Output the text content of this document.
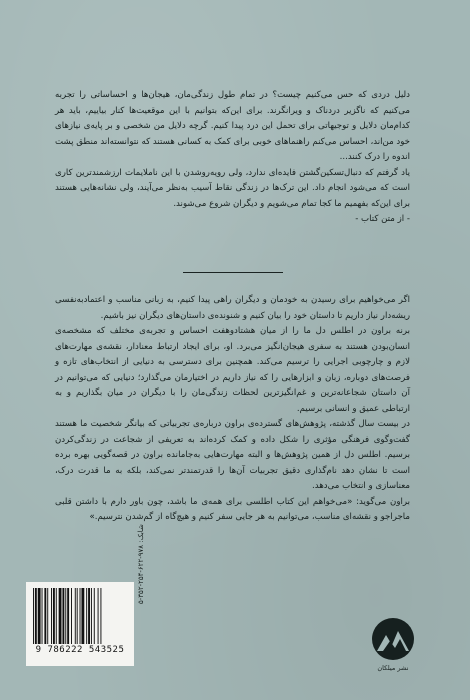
دلیل دردی که حس می‌کنیم چیست؟ در تمام طول زندگی‌مان، هیجان‌ها و احساساتی را تجربه می‌کنیم که ناگزیر دردناک و ویرانگرند. برای این‌که بتوانیم با این موقعیت‌ها کنار بیاییم، باید هر کدام‌مان دلایل و توجیهاتی برای تحمل این درد پیدا کنیم. گرچه دلایل من شخصی و بر پایه‌ی نیازهای خود من‌اند، احساس می‌کنم راهنماهای خوبی برای کمک به کسانی هستند که نتوانسته‌اند منطق پشت اندوه را درک کنند...

یاد گرفتم که دنبال‌تسکین‌گشتن فایده‌ای ندارد، ولی رویه‌روشدن با این ناملایمات ارزشمندترین کاری است که می‌شود انجام داد. این ترک‌ها در زندگی نقاط آسیب به‌نظر می‌آیند، ولی نشانه‌هایی هستند برای این‌که بفهمیم ما کجا تمام می‌شویم و دیگران شروع می‌شوند.

- از متن کتاب -

اگر می‌خواهیم برای رسیدن به خودمان و دیگران راهی پیدا کنیم، به زبانی مناسب و اعتمادبه‌نفسی ریشه‌دار نیاز داریم تا داستان خود را بیان کنیم و شنونده‌ی داستان‌های دیگران نیز باشیم.

برنه براون در اطلس دل ما را از میان هشتادوهفت احساس و تجربه‌ی مختلف که مشخصه‌ی انسان‌بودن هستند به سفری هیجان‌انگیز می‌برد. او، برای ایجاد ارتباط معنادار، نقشه‌ی مهارت‌های لازم و چارچوبی اجرایی را ترسیم می‌کند. همچنین برای دسترسی به دنیایی از انتخاب‌های تازه و فرصت‌های دوباره، زبان و ابزارهایی را که نیاز داریم در اختیارمان می‌گذارد؛ دنیایی که می‌توانیم در آن داستان شجاعانه‌ترین و غم‌انگیزترین لحظات زندگی‌مان را با دیگران در میان بگذاریم و به ارتباطی عمیق و انسانی برسیم.

در بیست سال گذشته، پژوهش‌های گسترده‌ی براون درباره‌ی تجربیاتی که بیانگر شخصیت ما هستند گفت‌وگوی فرهنگی مؤثری را شکل داده و کمک کرده‌اند به تعریفی از شجاعت در زندگی‌کردن برسیم. اطلس دل از همین پژوهش‌ها و البته مهارت‌هایی به‌جامانده براون در قصه‌گویی بهره برده است تا نشان دهد نام‌گذاری دقیق تجربیات آن‌ها را قدرتمندتر نمی‌کند، بلکه به ما قدرت درک، معناسازی و انتخاب می‌دهد.

براون می‌گوید: «می‌خواهم این کتاب اطلسی برای همه‌ی ما باشد، چون باور دارم با داشتن قلبی ماجراجو و نقشه‌ای مناسب، می‌توانیم به هر جایی سفر کنیم و هیچ‌گاه از گم‌شدن نترسیم.»

9 786222 543525
شابک: ۹۷۸-۶۲۲-۲۵۴-۳۵۲-۵
نشر میلکان
